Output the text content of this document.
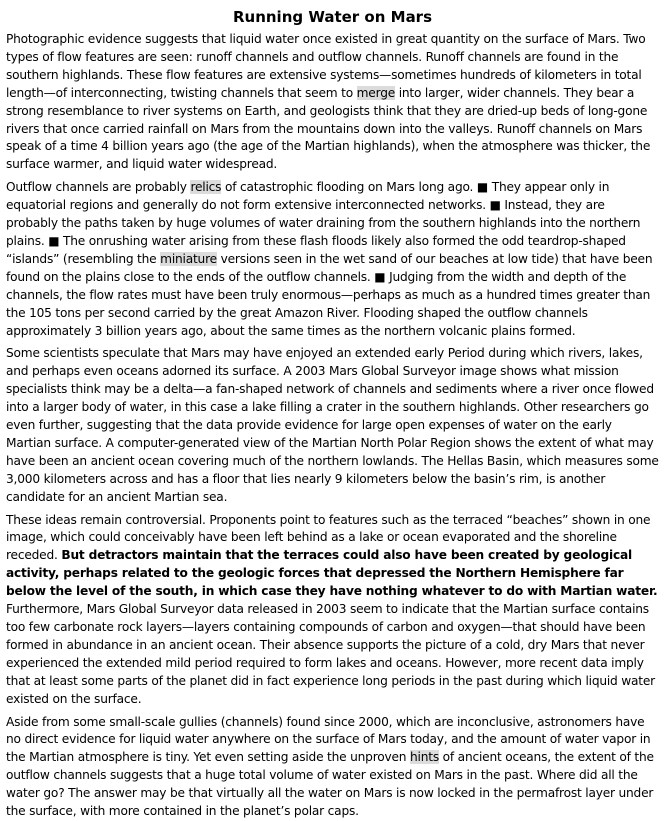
Running Water on Mars

Photographic evidence suggests that liquid water once existed in great quantity on the surface of Mars. Two types of flow features are seen: runoff channels and outflow channels. Runoff channels are found in the southern highlands. These flow features are extensive systems—sometimes hundreds of kilometers in total length—of interconnecting, twisting channels that seem to merge into larger, wider channels. They bear a strong resemblance to river systems on Earth, and geologists think that they are dried-up beds of long-gone rivers that once carried rainfall on Mars from the mountains down into the valleys. Runoff channels on Mars speak of a time 4 billion years ago (the age of the Martian highlands), when the atmosphere was thicker, the surface warmer, and liquid water widespread.

Outflow channels are probably relics of catastrophic flooding on Mars long ago. ■ They appear only in equatorial regions and generally do not form extensive interconnected networks. ■ Instead, they are probably the paths taken by huge volumes of water draining from the southern highlands into the northern plains. ■ The onrushing water arising from these flash floods likely also formed the odd teardrop-shaped “islands” (resembling the miniature versions seen in the wet sand of our beaches at low tide) that have been found on the plains close to the ends of the outflow channels. ■ Judging from the width and depth of the channels, the flow rates must have been truly enormous—perhaps as much as a hundred times greater than the 105 tons per second carried by the great Amazon River. Flooding shaped the outflow channels approximately 3 billion years ago, about the same times as the northern volcanic plains formed.

Some scientists speculate that Mars may have enjoyed an extended early Period during which rivers, lakes, and perhaps even oceans adorned its surface. A 2003 Mars Global Surveyor image shows what mission specialists think may be a delta—a fan-shaped network of channels and sediments where a river once flowed into a larger body of water, in this case a lake filling a crater in the southern highlands. Other researchers go even further, suggesting that the data provide evidence for large open expenses of water on the early Martian surface. A computer-generated view of the Martian North Polar Region shows the extent of what may have been an ancient ocean covering much of the northern lowlands. The Hellas Basin, which measures some 3,000 kilometers across and has a floor that lies nearly 9 kilometers below the basin’s rim, is another candidate for an ancient Martian sea.

These ideas remain controversial. Proponents point to features such as the terraced “beaches” shown in one image, which could conceivably have been left behind as a lake or ocean evaporated and the shoreline receded. But detractors maintain that the terraces could also have been created by geological activity, perhaps related to the geologic forces that depressed the Northern Hemisphere far below the level of the south, in which case they have nothing whatever to do with Martian water. Furthermore, Mars Global Surveyor data released in 2003 seem to indicate that the Martian surface contains too few carbonate rock layers—layers containing compounds of carbon and oxygen—that should have been formed in abundance in an ancient ocean. Their absence supports the picture of a cold, dry Mars that never experienced the extended mild period required to form lakes and oceans. However, more recent data imply that at least some parts of the planet did in fact experience long periods in the past during which liquid water existed on the surface.

Aside from some small-scale gullies (channels) found since 2000, which are inconclusive, astronomers have no direct evidence for liquid water anywhere on the surface of Mars today, and the amount of water vapor in the Martian atmosphere is tiny. Yet even setting aside the unproven hints of ancient oceans, the extent of the outflow channels suggests that a huge total volume of water existed on Mars in the past. Where did all the water go? The answer may be that virtually all the water on Mars is now locked in the permafrost layer under the surface, with more contained in the planet’s polar caps.
